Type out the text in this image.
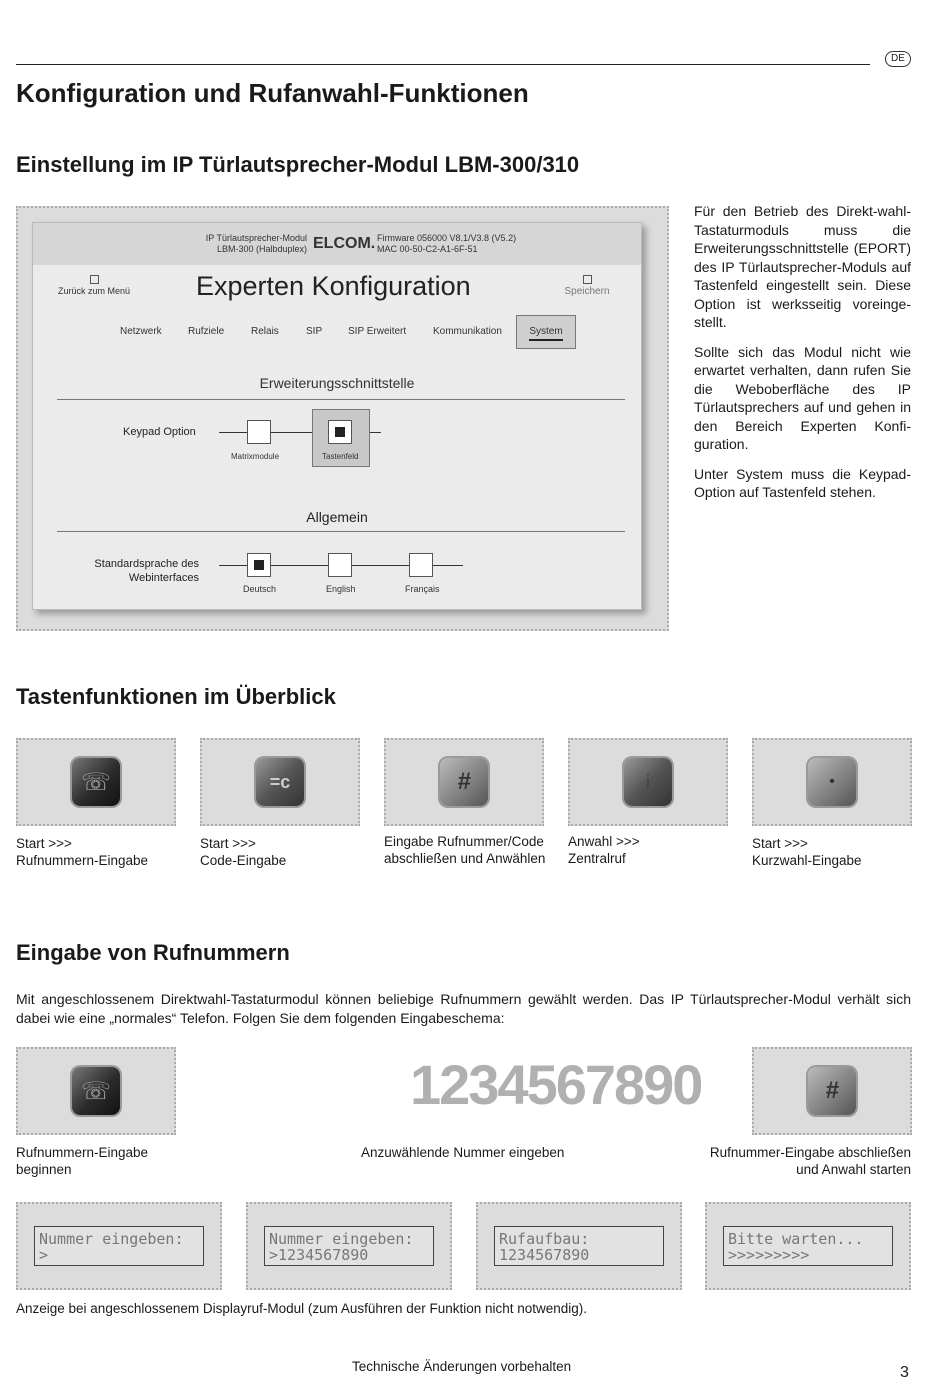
DE
Konfiguration und Rufanwahl-Funktionen
Einstellung im IP Türlautsprecher-Modul LBM-300/310
IP Türlautsprecher-Modul
LBM-300 (Halbduplex) ELCOM. Firmware 056000 V8.1/V3.8 (V5.2)
MAC 00-50-C2-A1-6F-51
Zurück zum Menü Experten Konfiguration	Speichern
Netzwerk	Rufziele	Relais	SIP	SIP Erweitert	Kommunikation	System
Erweiterungsschnittstelle
Keypad Option
Matrixmodule	Tastenfeld
Allgemein
Standardsprache des
Webinterfaces
Deutsch	English	Français

Für den Betrieb des Direkt-wahl-Tastaturmoduls muss die Erweiterungsschnittstelle (EPORT) des IP Türlautsprecher-Moduls auf Tastenfeld eingestellt sein. Diese Option ist werksseitig voreinge-stellt.

Sollte sich das Modul nicht wie erwartet verhalten, dann rufen Sie die Weboberfläche des IP Türlautsprechers auf und gehen in den Bereich Experten Konfi-guration.

Unter System muss die Keypad-Option auf Tastenfeld stehen.

Tastenfunktionen im Überblick
☏	=c	#	i	•
Start >>>
Rufnummern-Eingabe
Start >>>
Code-Eingabe
Eingabe Rufnummer/Code
abschließen und Anwählen
Anwahl >>>
Zentralruf
Start >>>
Kurzwahl-Eingabe
Eingabe von Rufnummern

Mit angeschlossenem Direktwahl-Tastaturmodul können beliebige Rufnummern gewählt werden. Das IP Türlautsprecher-Modul verhält sich dabei wie eine „normales“ Telefon. Folgen Sie dem folgenden Eingabeschema:

☏	1234567890	#
Rufnummern-Eingabe
beginnen
Anzuwählende Nummer eingeben	Rufnummer-Eingabe abschließen
und Anwahl starten
Nummer eingeben:
>
Nummer eingeben:
>1234567890
Rufaufbau:
1234567890
Bitte warten...
>>>>>>>>>
Anzeige bei angeschlossenem Displayruf-Modul (zum Ausführen der Funktion nicht notwendig).
Technische Änderungen vorbehalten	3
